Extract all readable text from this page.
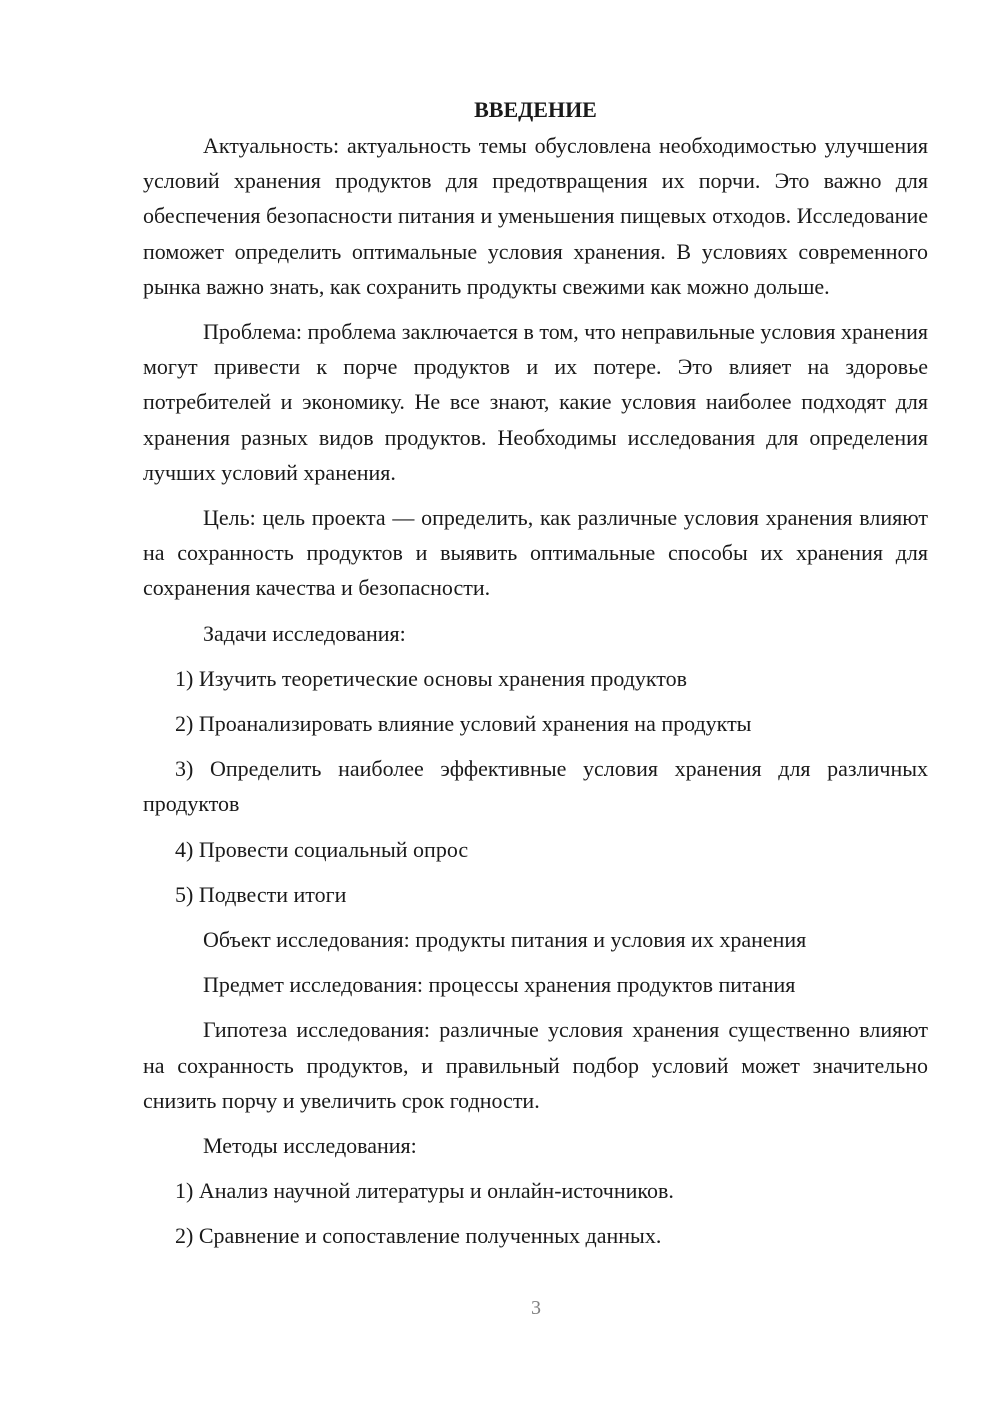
ВВЕДЕНИЕ

Актуальность: актуальность темы обусловлена необходимостью улучшения условий хранения продуктов для предотвращения их порчи. Это важно для обеспечения безопасности питания и уменьшения пищевых отходов. Исследование поможет определить оптимальные условия хранения. В условиях современного рынка важно знать, как сохранить продукты свежими как можно дольше.

Проблема: проблема заключается в том, что неправильные условия хранения могут привести к порче продуктов и их потере. Это влияет на здоровье потребителей и экономику. Не все знают, какие условия наиболее подходят для хранения разных видов продуктов. Необходимы исследования для определения лучших условий хранения.

Цель: цель проекта — определить, как различные условия хранения влияют на сохранность продуктов и выявить оптимальные способы их хранения для сохранения качества и безопасности.

Задачи исследования:

1) Изучить теоретические основы хранения продуктов

2) Проанализировать влияние условий хранения на продукты

3) Определить наиболее эффективные условия хранения для различных продуктов

4) Провести социальный опрос

5) Подвести итоги

Объект исследования: продукты питания и условия их хранения

Предмет исследования: процессы хранения продуктов питания

Гипотеза исследования: различные условия хранения существенно влияют на сохранность продуктов, и правильный подбор условий может значительно снизить порчу и увеличить срок годности.

Методы исследования:

1) Анализ научной литературы и онлайн-источников.

2) Сравнение и сопоставление полученных данных.

3
